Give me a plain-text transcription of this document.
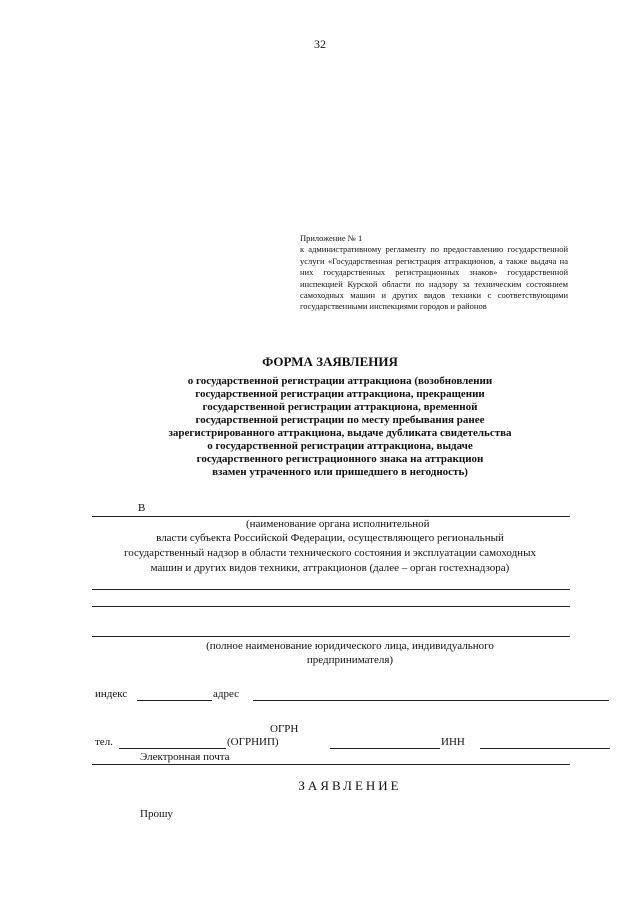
32
Приложение № 1
к административному регламенту по предоставлению государственной услуги «Государственная регистрация аттракционов, а также выдача на них государственных регистрационных знаков» государственной инспекцией Курской области по надзору за техническим состоянием самоходных машин и других видов техники с соответствующими государственными инспекциями городов и районов
ФОРМА ЗАЯВЛЕНИЯ
о государственной регистрации аттракциона (возобновлении
государственной регистрации аттракциона, прекращении
государственной регистрации аттракциона, временной
государственной регистрации по месту пребывания ранее
зарегистрированного аттракциона, выдаче дубликата свидетельства
о государственной регистрации аттракциона, выдаче
государственного регистрационного знака на аттракцион
взамен утраченного или пришедшего в негодность)
В
(наименование органа исполнительной
власти субъекта Российской Федерации, осуществляющего региональный
государственный надзор в области технического состояния и эксплуатации самоходных
машин и других видов техники, аттракционов (далее – орган гостехнадзора)
(полное наименование юридического лица, индивидуального
предпринимателя)
индекс	адрес
ОГРН
тел.	(ОГРНИП)	ИНН
Электронная почта
ЗАЯВЛЕНИЕ
Прошу
